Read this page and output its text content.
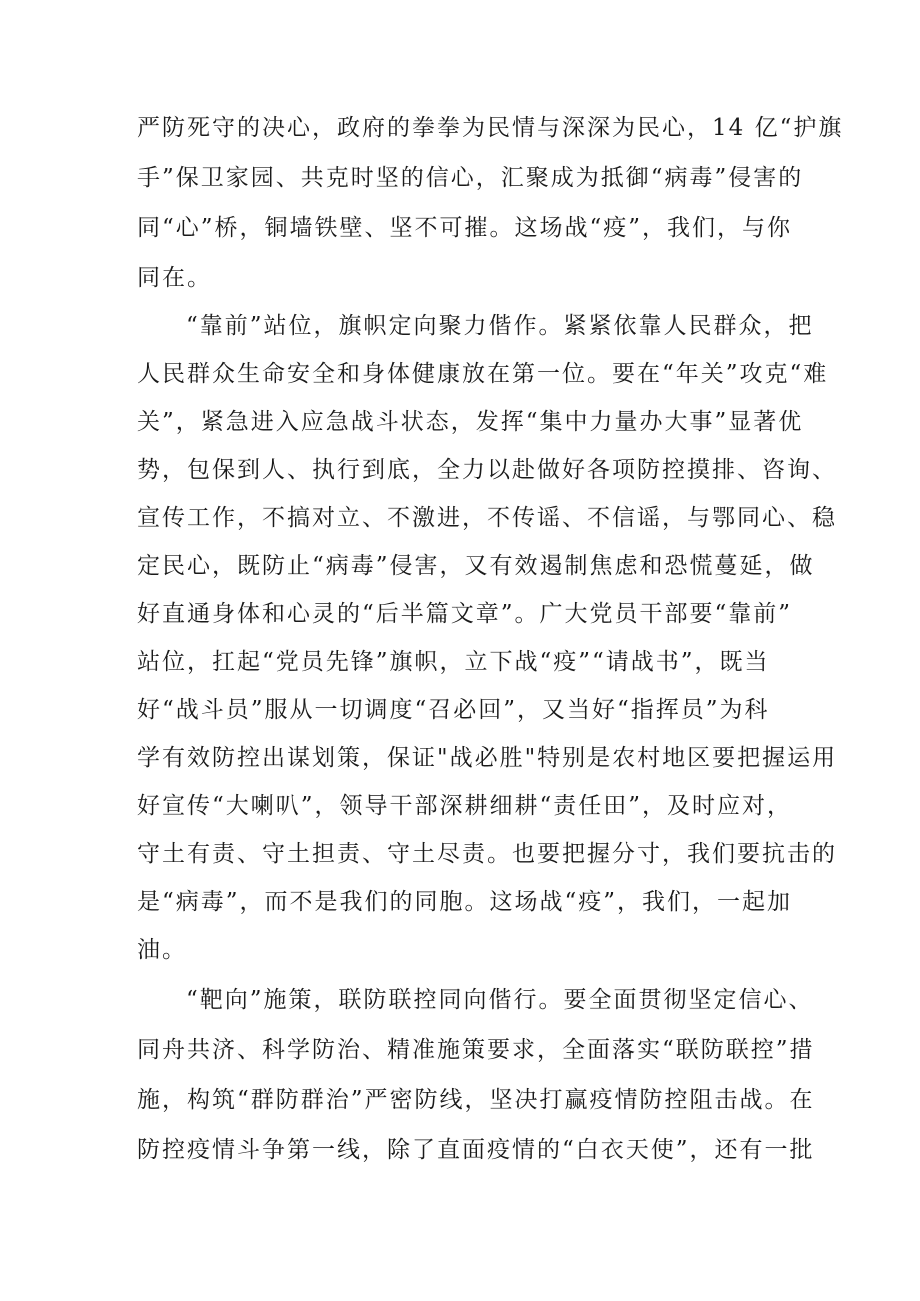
严防死守的决心，政府的拳拳为民情与深深为民心，14 亿“护旗
手”保卫家园、共克时坚的信心，汇聚成为抵御“病毒”侵害的
同“心”桥，铜墙铁壁、坚不可摧。这场战“疫”，我们，与你
同在。
“靠前”站位，旗帜定向聚力偕作。紧紧依靠人民群众，把
人民群众生命安全和身体健康放在第一位。要在“年关”攻克“难
关”，紧急进入应急战斗状态，发挥“集中力量办大事”显著优
势，包保到人、执行到底，全力以赴做好各项防控摸排、咨询、
宣传工作，不搞对立、不激进，不传谣、不信谣，与鄂同心、稳
定民心，既防止“病毒”侵害，又有效遏制焦虑和恐慌蔓延，做
好直通身体和心灵的“后半篇文章”。广大党员干部要“靠前”
站位，扛起“党员先锋”旗帜，立下战“疫”“请战书”，既当
好“战斗员”服从一切调度“召必回”，又当好“指挥员”为科
学有效防控出谋划策，保证"战必胜"特别是农村地区要把握运用
好宣传“大喇叭”，领导干部深耕细耕“责任田”，及时应对，
守土有责、守土担责、守土尽责。也要把握分寸，我们要抗击的
是“病毒”，而不是我们的同胞。这场战“疫”，我们，一起加
油。
“靶向”施策，联防联控同向偕行。要全面贯彻坚定信心、
同舟共济、科学防治、精准施策要求，全面落实“联防联控”措
施，构筑“群防群治”严密防线，坚决打赢疫情防控阻击战。在
防控疫情斗争第一线，除了直面疫情的“白衣天使”，还有一批
